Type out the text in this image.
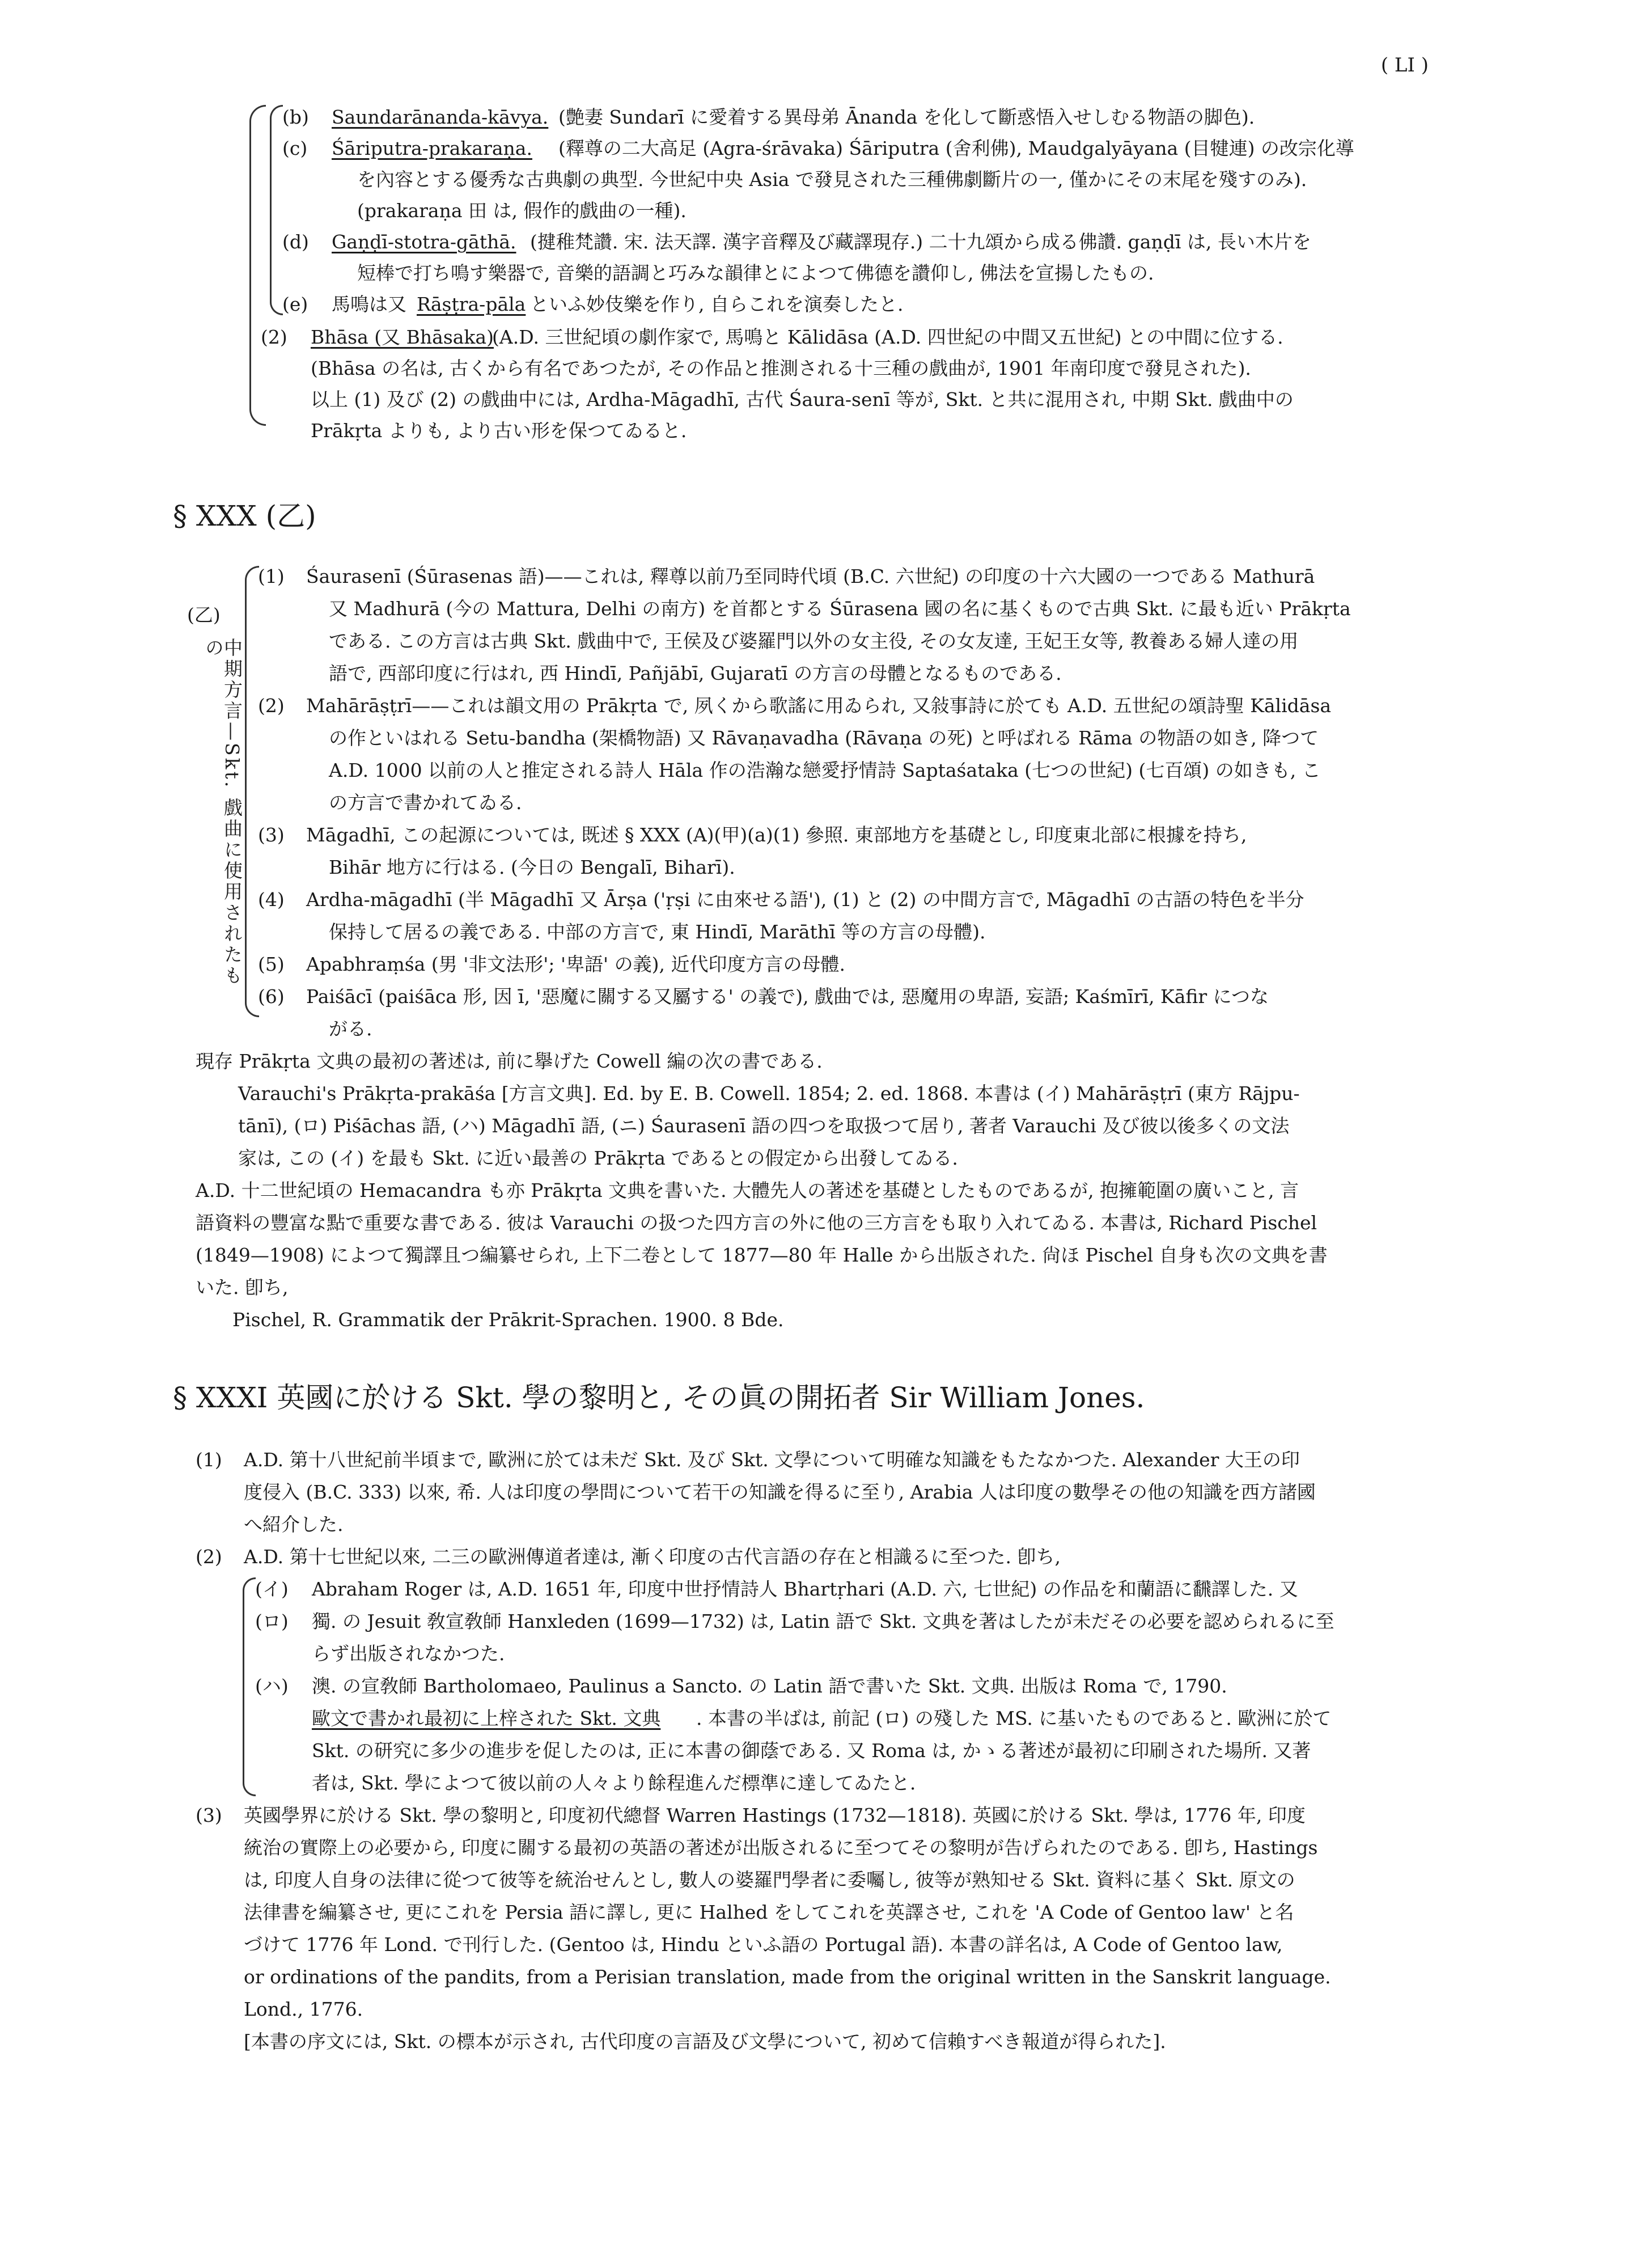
( LI )
(b) Saundarānanda-kāvya. (艶妻 Sundarī に愛着する異母弟 Ānanda を化して斷惑悟入せしむる物語の脚色).
(c) Śāriputra-prakaraṇa. (釋尊の二大高足 (Agra-śrāvaka) Śāriputra (舍利佛), Maudgalyāyana (目犍連) の改宗化導
を內容とする優秀な古典劇の典型. 今世紀中央 Asia で發見された三種佛劇斷片の一, 僅かにその末尾を殘すのみ).
(prakaraṇa 田 は, 假作的戲曲の一種).
(d) Gaṇḍī-stotra-gāthā. (揵稚梵讚. 宋. 法天譯. 漢字音釋及び藏譯現存.) 二十九頌から成る佛讚. gaṇḍī は, 長い木片を
短棒で打ち鳴す樂器で, 音樂的語調と巧みな韻律とによつて佛德を讚仰し, 佛法を宣揚したもの.
(e) 馬鳴は又 Rāṣṭra-pāla といふ妙伎樂を作り, 自らこれを演奏したと.
(2) Bhāsa (又 Bhāsaka)
(A.D. 三世紀頃の劇作家で, 馬鳴と Kālidāsa (A.D. 四世紀の中間又五世紀) との中間に位する.
(Bhāsa の名は, 古くから有名であつたが, その作品と推測される十三種の戲曲が, 1901 年南印度で發見された).
以上 (1) 及び (2) の戲曲中には, Ardha-Māgadhī, 古代 Śaura-senī 等が, Skt. と共に混用され, 中期 Skt. 戲曲中の
Prākṛta よりも, より古い形を保つてゐると.
§ XXX (乙)
(乙)
中期方言—Skt. 戲曲に使用されたもの
(1) Śaurasenī (Śūrasenas 語)——これは, 釋尊以前乃至同時代頃 (B.C. 六世紀) の印度の十六大國の一つである Mathurā
又 Madhurā (今の Mattura, Delhi の南方) を首都とする Śūrasena 國の名に基くもので古典 Skt. に最も近い Prākṛta
である. この方言は古典 Skt. 戲曲中で, 王侯及び婆羅門以外の女主役, その女友達, 王妃王女等, 教養ある婦人達の用
語で, 西部印度に行はれ, 西 Hindī, Pañjābī, Gujaratī の方言の母體となるものである.
(2) Mahārāṣṭrī——これは韻文用の Prākṛta で, 夙くから歌謠に用ゐられ, 又敍事詩に於ても A.D. 五世紀の頌詩聖 Kālidāsa
の作といはれる Setu-bandha (架橋物語) 又 Rāvaṇavadha (Rāvaṇa の死) と呼ばれる Rāma の物語の如き, 降つて
A.D. 1000 以前の人と推定される詩人 Hāla 作の浩瀚な戀愛抒情詩 Saptaśataka (七つの世紀) (七百頌) の如きも, こ
の方言で書かれてゐる.
(3) Māgadhī, この起源については, 既述 § XXX (A)(甲)(a)(1) 參照. 東部地方を基礎とし, 印度東北部に根據を持ち,
Bihār 地方に行はる. (今日の Bengalī, Biharī).
(4) Ardha-māgadhī (半 Māgadhī 又 Ārṣa ('ṛṣi に由來せる語'), (1) と (2) の中間方言で, Māgadhī の古語の特色を半分
保持して居るの義である. 中部の方言で, 東 Hindī, Marāthī 等の方言の母體).
(5) Apabhraṃśa (男 '非文法形'; '卑語' の義), 近代印度方言の母體.
(6) Paiśācī (paiśāca 形, 因 ī, '惡魔に關する又屬する' の義で), 戲曲では, 惡魔用の卑語, 妄語; Kaśmīrī, Kāfir につな
がる.
現存 Prākṛta 文典の最初の著述は, 前に擧げた Cowell 編の次の書である.
Varauchi's Prākṛta-prakāśa [方言文典]. Ed. by E. B. Cowell. 1854; 2. ed. 1868. 本書は (イ) Mahārāṣṭrī (東方 Rājpu-
tānī), (ロ) Piśāchas 語, (ハ) Māgadhī 語, (ニ) Śaurasenī 語の四つを取扱つて居り, 著者 Varauchi 及び彼以後多くの文法
家は, この (イ) を最も Skt. に近い最善の Prākṛta であるとの假定から出發してゐる.
A.D. 十二世紀頃の Hemacandra も亦 Prākṛta 文典を書いた. 大體先人の著述を基礎としたものであるが, 抱擁範圍の廣いこと, 言
語資料の豐富な點で重要な書である. 彼は Varauchi の扱つた四方言の外に他の三方言をも取り入れてゐる. 本書は, Richard Pischel
(1849—1908) によつて獨譯且つ編纂せられ, 上下二卷として 1877—80 年 Halle から出版された. 尙ほ Pischel 自身も次の文典を書
いた. 卽ち,
Pischel, R. Grammatik der Prākrit-Sprachen. 1900. 8 Bde.
§ XXXI 英國に於ける Skt. 學の黎明と, その眞の開拓者 Sir William Jones.
(1) A.D. 第十八世紀前半頃まで, 歐洲に於ては未だ Skt. 及び Skt. 文學について明確な知識をもたなかつた. Alexander 大王の印
度侵入 (B.C. 333) 以來, 希. 人は印度の學問について若干の知識を得るに至り, Arabia 人は印度の數學その他の知識を西方諸國
へ紹介した.
(2) A.D. 第十七世紀以來, 二三の歐洲傳道者達は, 漸く印度の古代言語の存在と相識るに至つた. 卽ち,
(イ) Abraham Roger は, A.D. 1651 年, 印度中世抒情詩人 Bhartṛhari (A.D. 六, 七世紀) の作品を和蘭語に飜譯した. 又
(ロ) 獨. の Jesuit 敎宣敎師 Hanxleden (1699—1732) は, Latin 語で Skt. 文典を著はしたが未だその必要を認められるに至
らず出版されなかつた.
(ハ) 澳. の宣敎師 Bartholomaeo, Paulinus a Sancto. の Latin 語で書いた Skt. 文典. 出版は Roma で, 1790.
歐文で書かれ最初に上梓された Skt. 文典 . 本書の半ばは, 前記 (ロ) の殘した MS. に基いたものであると. 歐洲に於て
Skt. の研究に多少の進步を促したのは, 正に本書の御蔭である. 又 Roma は, かゝる著述が最初に印刷された場所. 又著
者は, Skt. 學によつて彼以前の人々より餘程進んだ標準に達してゐたと.
(3) 英國學界に於ける Skt. 學の黎明と, 印度初代總督 Warren Hastings (1732—1818). 英國に於ける Skt. 學は, 1776 年, 印度
統治の實際上の必要から, 印度に關する最初の英語の著述が出版されるに至つてその黎明が告げられたのである. 卽ち, Hastings
は, 印度人自身の法律に從つて彼等を統治せんとし, 數人の婆羅門學者に委囑し, 彼等が熟知せる Skt. 資料に基く Skt. 原文の
法律書を編纂させ, 更にこれを Persia 語に譯し, 更に Halhed をしてこれを英譯させ, これを 'A Code of Gentoo law' と名
づけて 1776 年 Lond. で刊行した. (Gentoo は, Hindu といふ語の Portugal 語). 本書の詳名は, A Code of Gentoo law,
or ordinations of the pandits, from a Perisian translation, made from the original written in the Sanskrit language.
Lond., 1776.
[本書の序文には, Skt. の標本が示され, 古代印度の言語及び文學について, 初めて信賴すべき報道が得られた].
